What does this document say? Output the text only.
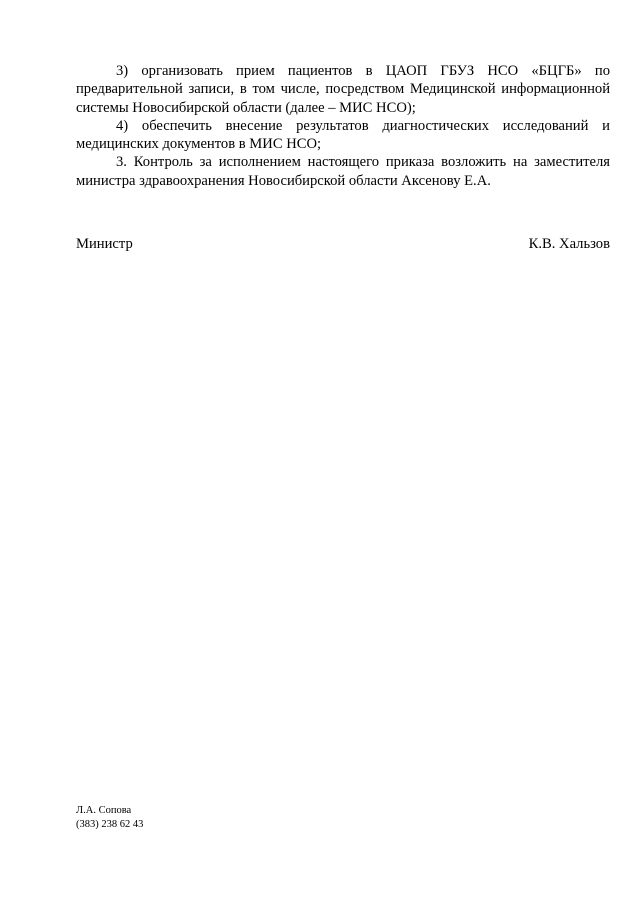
3) организовать прием пациентов в ЦАОП ГБУЗ НСО «БЦГБ» по предварительной записи, в том числе, посредством Медицинской информационной системы Новосибирской области (далее – МИС НСО);

4) обеспечить внесение результатов диагностических исследований и медицинских документов в МИС НСО;

3. Контроль за исполнением настоящего приказа возложить на заместителя министра здравоохранения Новосибирской области Аксенову Е.А.

Министр	К.В. Хальзов
Л.А. Сопова
(383) 238 62 43
